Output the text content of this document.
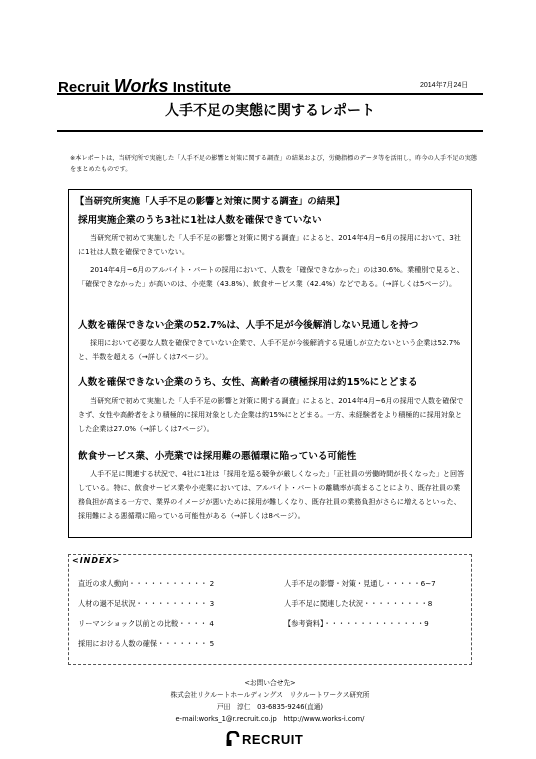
Recruit Works Institute	2014年7月24日
人手不足の実態に関するレポート
※本レポートは，当研究所で実施した「人手不足の影響と対策に関する調査」の結果および，労働指標のデータ等を活用し，昨今の人手不足の実態をまとめたものです。
【当研究所実施「人手不足の影響と対策に関する調査」の結果】
採用実施企業のうち3社に1社は人数を確保できていない
当研究所で初めて実施した「人手不足の影響と対策に関する調査」によると、2014年4月~6月の採用において、3社に1社は人数を確保できていない。
2014年4月~6月のアルバイト・パートの採用において、人数を「確保できなかった」のは30.6%。業種別で見ると、「確保できなかった」が高いのは、小売業（43.8%）、飲食サービス業（42.4%）などである。（→詳しくは5ページ）。
人数を確保できない企業の52.7%は、人手不足が今後解消しない見通しを持つ
採用において必要な人数を確保できていない企業で、人手不足が今後解消する見通しが立たないという企業は52.7%と、半数を超える（→詳しくは7ページ）。
人数を確保できない企業のうち、女性、高齢者の積極採用は約15%にとどまる
当研究所で初めて実施した「人手不足の影響と対策に関する調査」によると、2014年4月~6月の採用で人数を確保できず、女性や高齢者をより積極的に採用対象とした企業は約15%にとどまる。一方、未経験者をより積極的に採用対象とした企業は27.0%（→詳しくは7ページ）。
飲食サービス業、小売業では採用難の悪循環に陥っている可能性
人手不足に関連する状況で、4社に1社は「採用を巡る競争が厳しくなった」「正社員の労働時間が長くなった」と回答している。特に、飲食サービス業や小売業においては、アルバイト・パートの離職率が高まることにより、既存社員の業務負担が高まる一方で、業界のイメージが悪いために採用が難しくなり、既存社員の業務負担がさらに増えるといった、採用難による悪循環に陥っている可能性がある（→詳しくは8ページ）。
<INDEX>
直近の求人動向・・・・・・・・・・・ 2
人材の過不足状況・・・・・・・・・・ 3
リーマンショック以前との比較・・・・ 4
採用における人数の確保・・・・・・・ 5
人手不足の影響・対策・見通し・・・・・6~7
人手不足に関連した状況・・・・・・・・・8
【参考資料】・・・・・・・・・・・・・・9
<お問い合せ先>
株式会社リクルートホールディングス　リクルートワークス研究所
戸田　淳仁　03-6835-9246(直通)
e-mail:works_1@r.recruit.co.jp　http://www.works-i.com/
RECRUIT
